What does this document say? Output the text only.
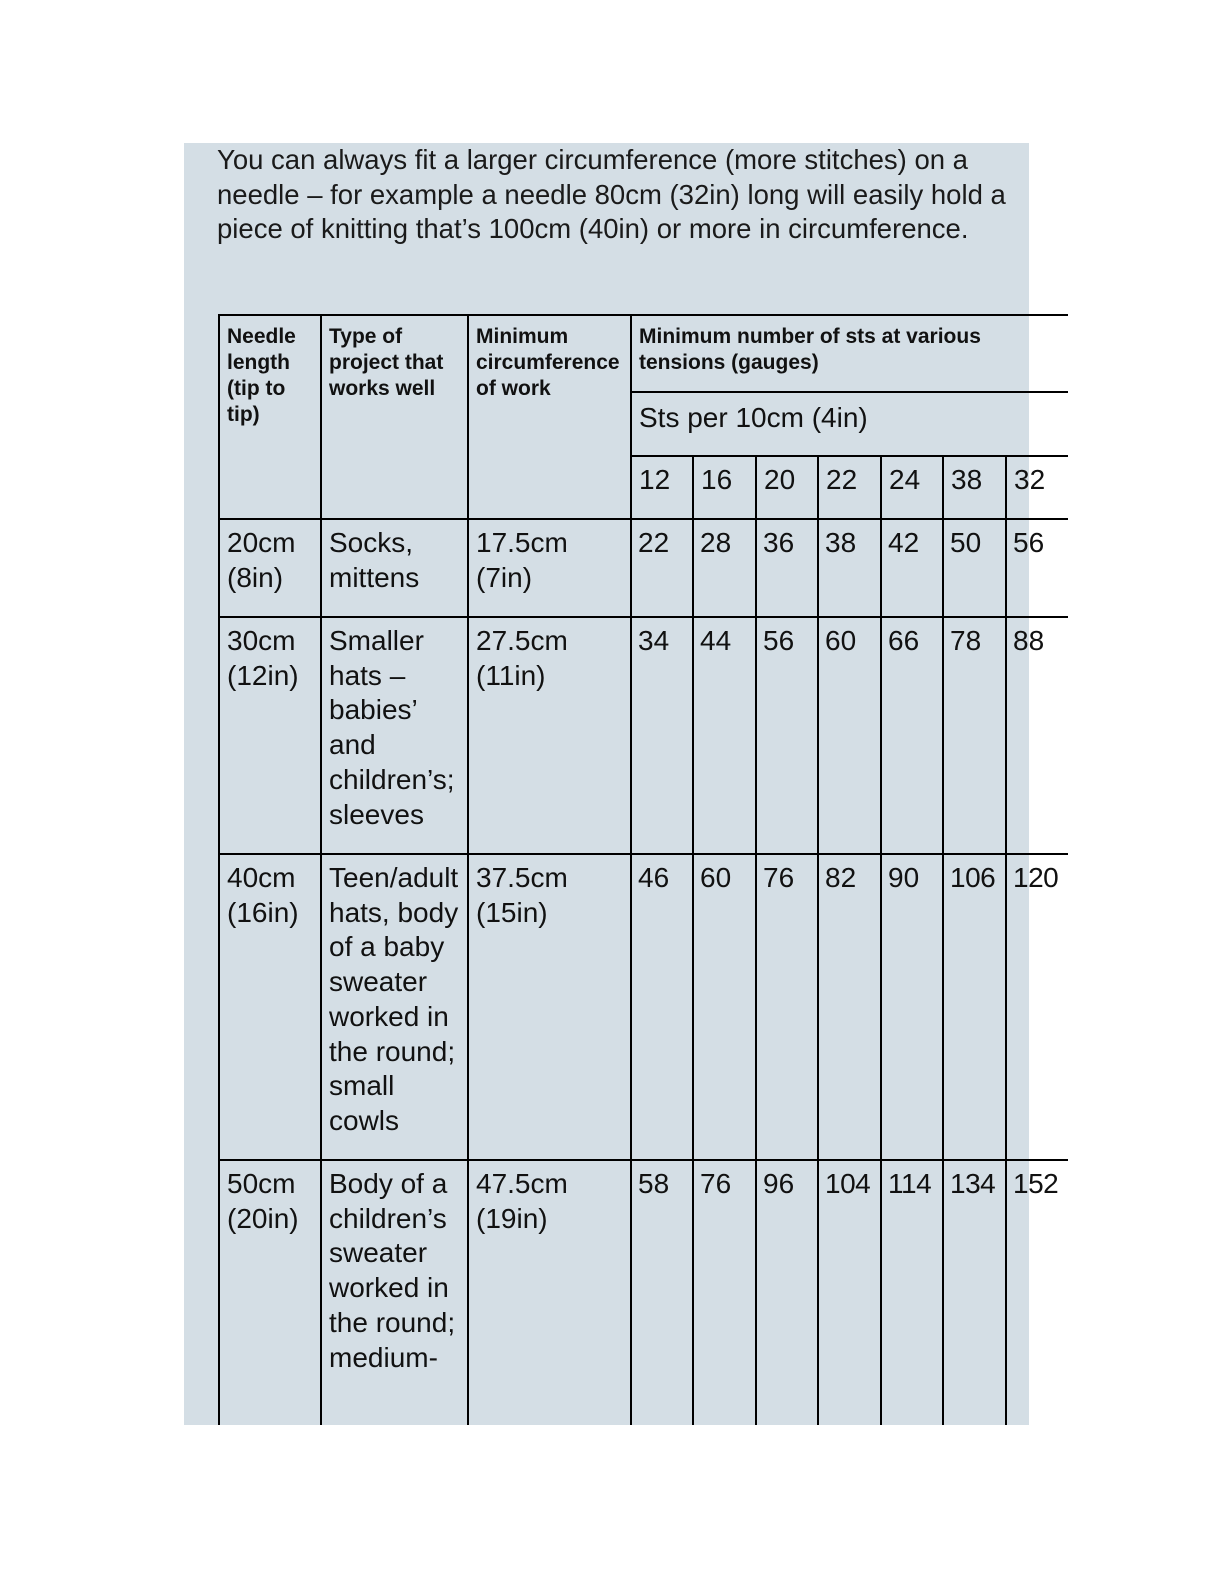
You can always fit a larger circumference (more stitches) on a needle – for example a needle 80cm (32in) long will easily hold a piece of knitting that’s 100cm (40in) or more in circumference.

Needle length (tip to tip)	Type of project that works well	Minimum circumference of work	Minimum number of sts at various tensions (gauges)						
			Sts per 10cm (4in)						
			12	16	20	22	24	38	32
20cm (8in)	Socks, mittens	17.5cm (7in)	22	28	36	38	42	50	56
30cm (12in)	Smaller hats – babies’ and children’s; sleeves	27.5cm (11in)	34	44	56	60	66	78	88
40cm (16in)	Teen/adult hats, body of a baby sweater worked in the round; small cowls	37.5cm (15in)	46	60	76	82	90	106	120
50cm (20in)	Body of a children’s sweater worked in the round; medium-	47.5cm (19in)	58	76	96	104	114	134	152
